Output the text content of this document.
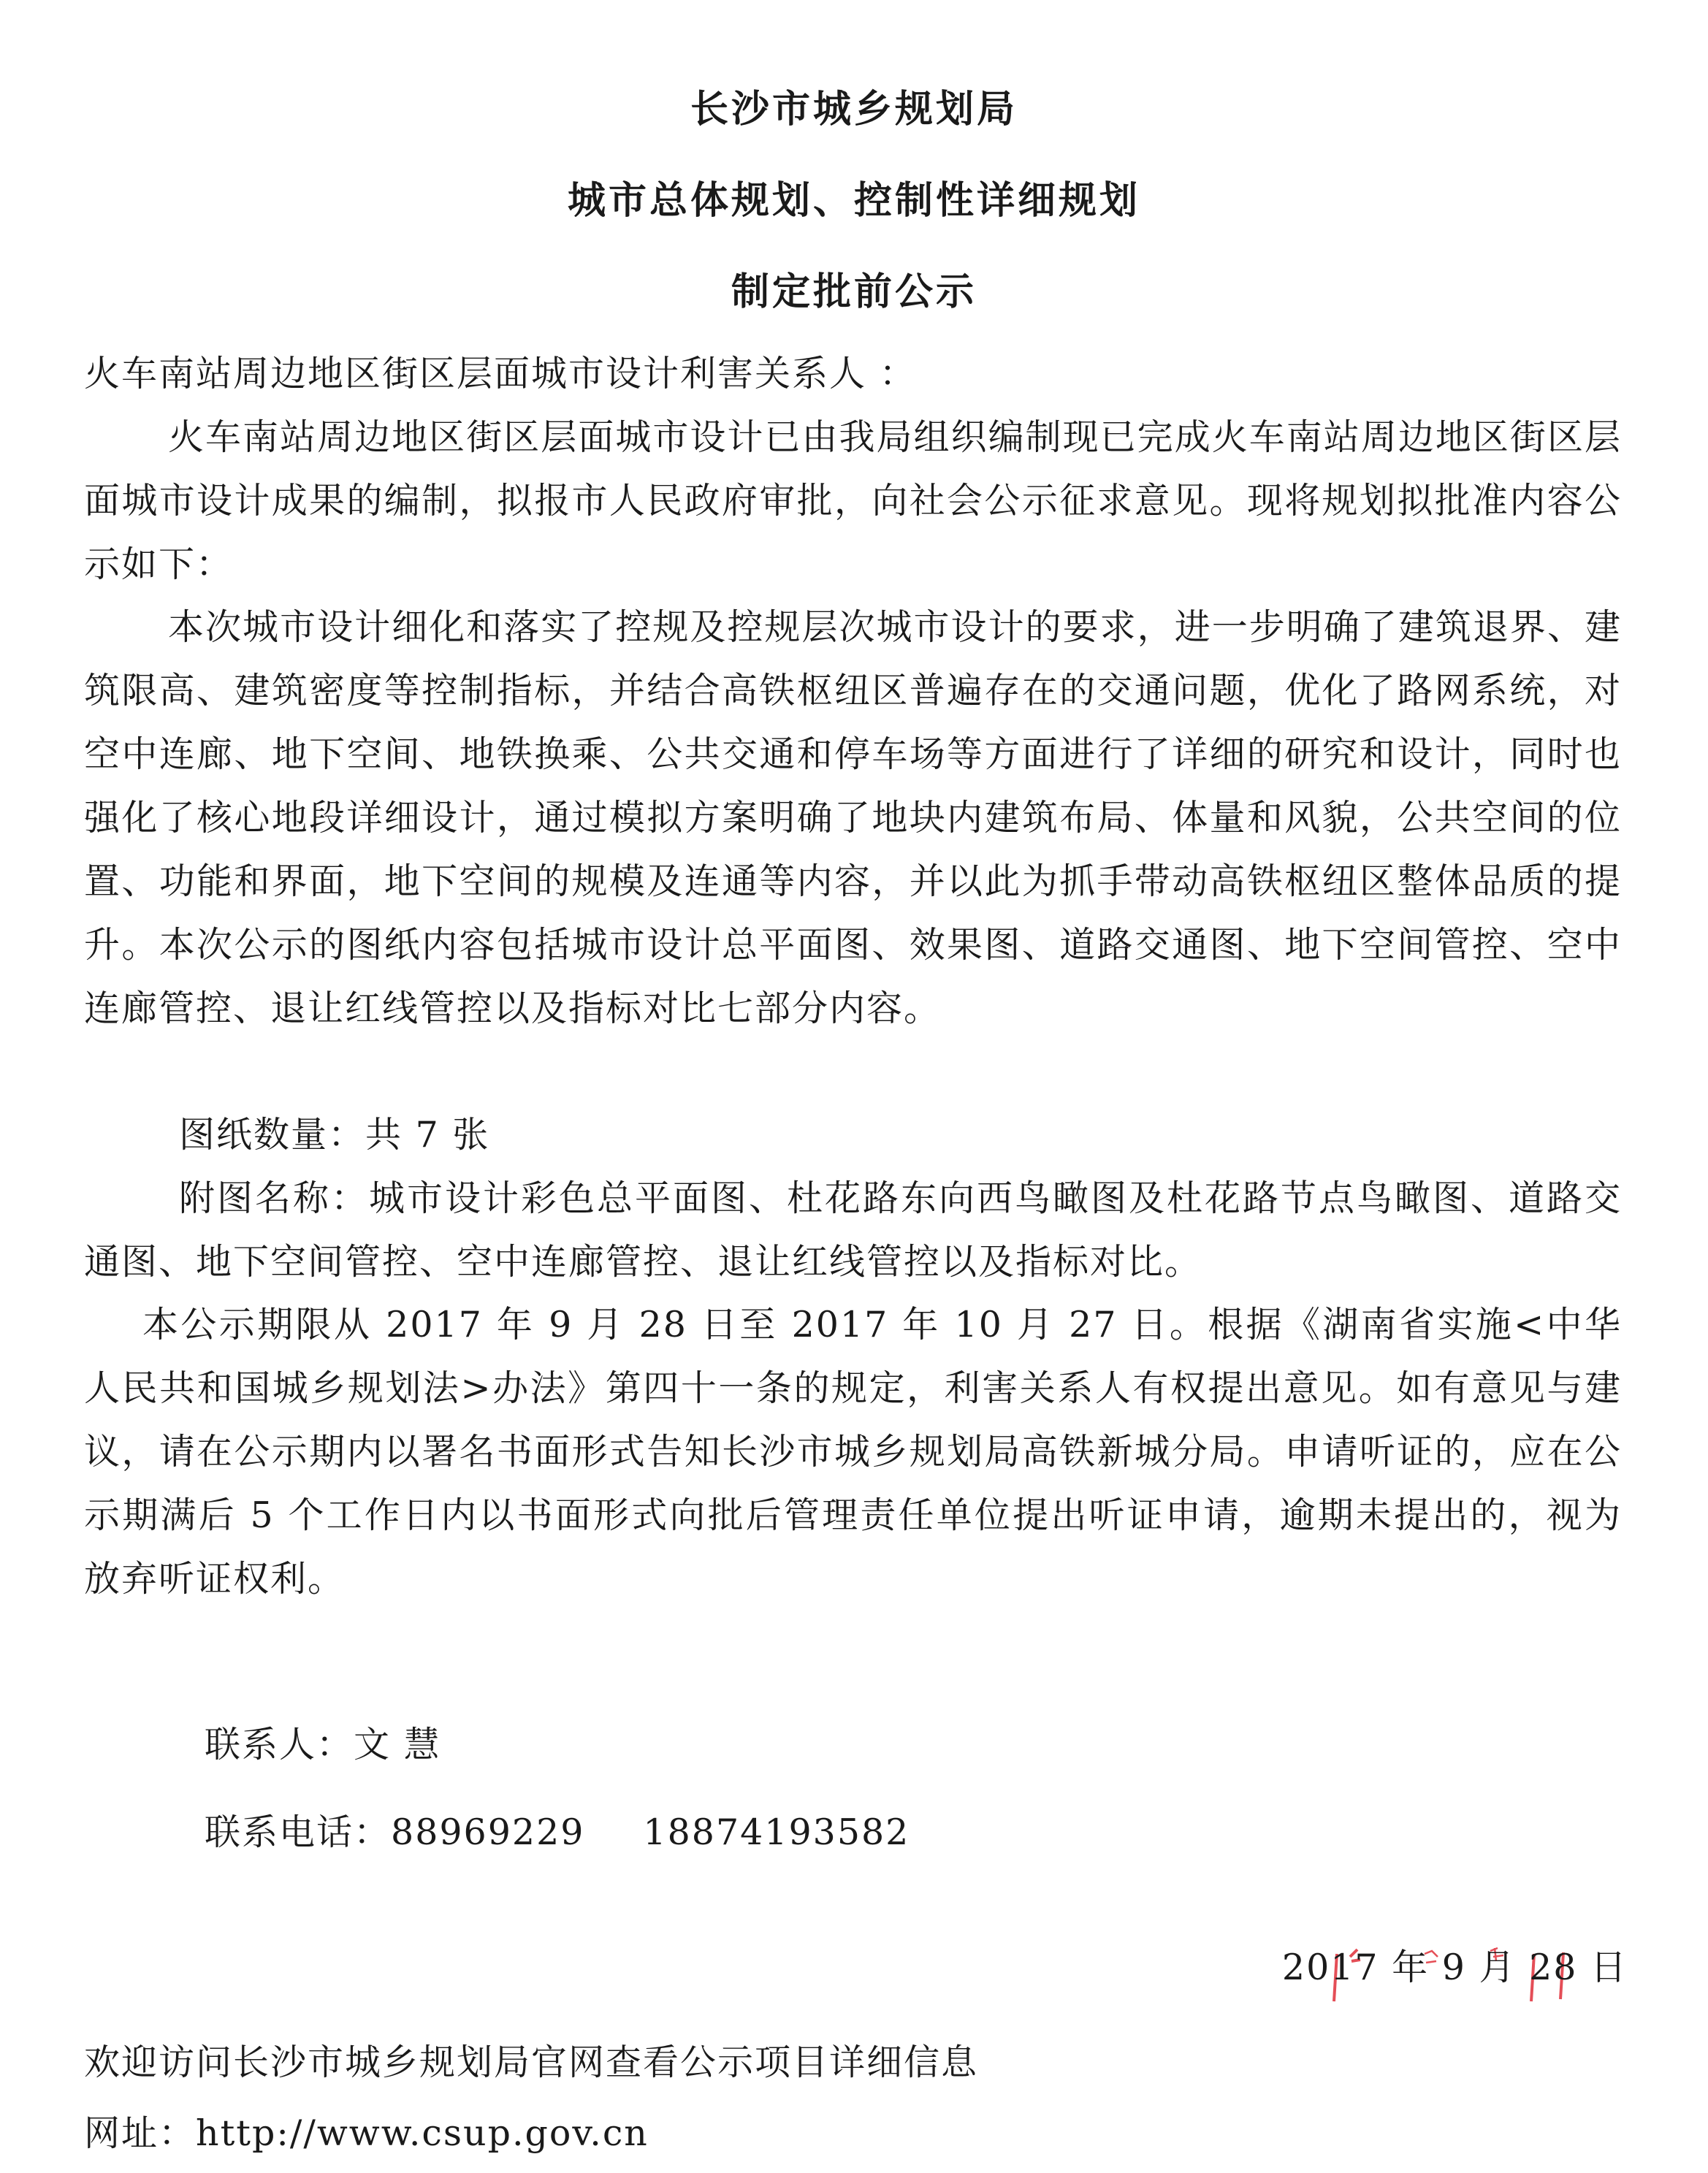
长沙市城乡规划局
城市总体规划、控制性详细规划
制定批前公示

火车南站周边地区街区层面城市设计利害关系人 ：

火车南站周边地区街区层面城市设计已由我局组织编制现已完成火车南站周边地区街区层面城市设计成果的编制，拟报市人民政府审批，向社会公示征求意见。现将规划拟批准内容公示如下：

本次城市设计细化和落实了控规及控规层次城市设计的要求，进一步明确了建筑退界、建筑限高、建筑密度等控制指标，并结合高铁枢纽区普遍存在的交通问题，优化了路网系统，对空中连廊、地下空间、地铁换乘、公共交通和停车场等方面进行了详细的研究和设计，同时也强化了核心地段详细设计，通过模拟方案明确了地块内建筑布局、体量和风貌，公共空间的位置、功能和界面，地下空间的规模及连通等内容，并以此为抓手带动高铁枢纽区整体品质的提升。本次公示的图纸内容包括城市设计总平面图、效果图、道路交通图、地下空间管控、空中连廊管控、退让红线管控以及指标对比七部分内容。

图纸数量：共 7 张

附图名称：城市设计彩色总平面图、杜花路东向西鸟瞰图及杜花路节点鸟瞰图、道路交通图、地下空间管控、空中连廊管控、退让红线管控以及指标对比。

本公示期限从 2017 年 9 月 28 日至 2017 年 10 月 27 日。根据《湖南省实施<中华人民共和国城乡规划法>办法》第四十一条的规定，利害关系人有权提出意见。如有意见与建议，请在公示期内以署名书面形式告知长沙市城乡规划局高铁新城分局。申请听证的，应在公示期满后 5 个工作日内以书面形式向批后管理责任单位提出听证申请，逾期未提出的，视为放弃听证权利。

联系人：文 慧

联系电话：88969229 18874193582

2017 年 9 月 28 日

欢迎访问长沙市城乡规划局官网查看公示项目详细信息

网址：http://www.csup.gov.cn
